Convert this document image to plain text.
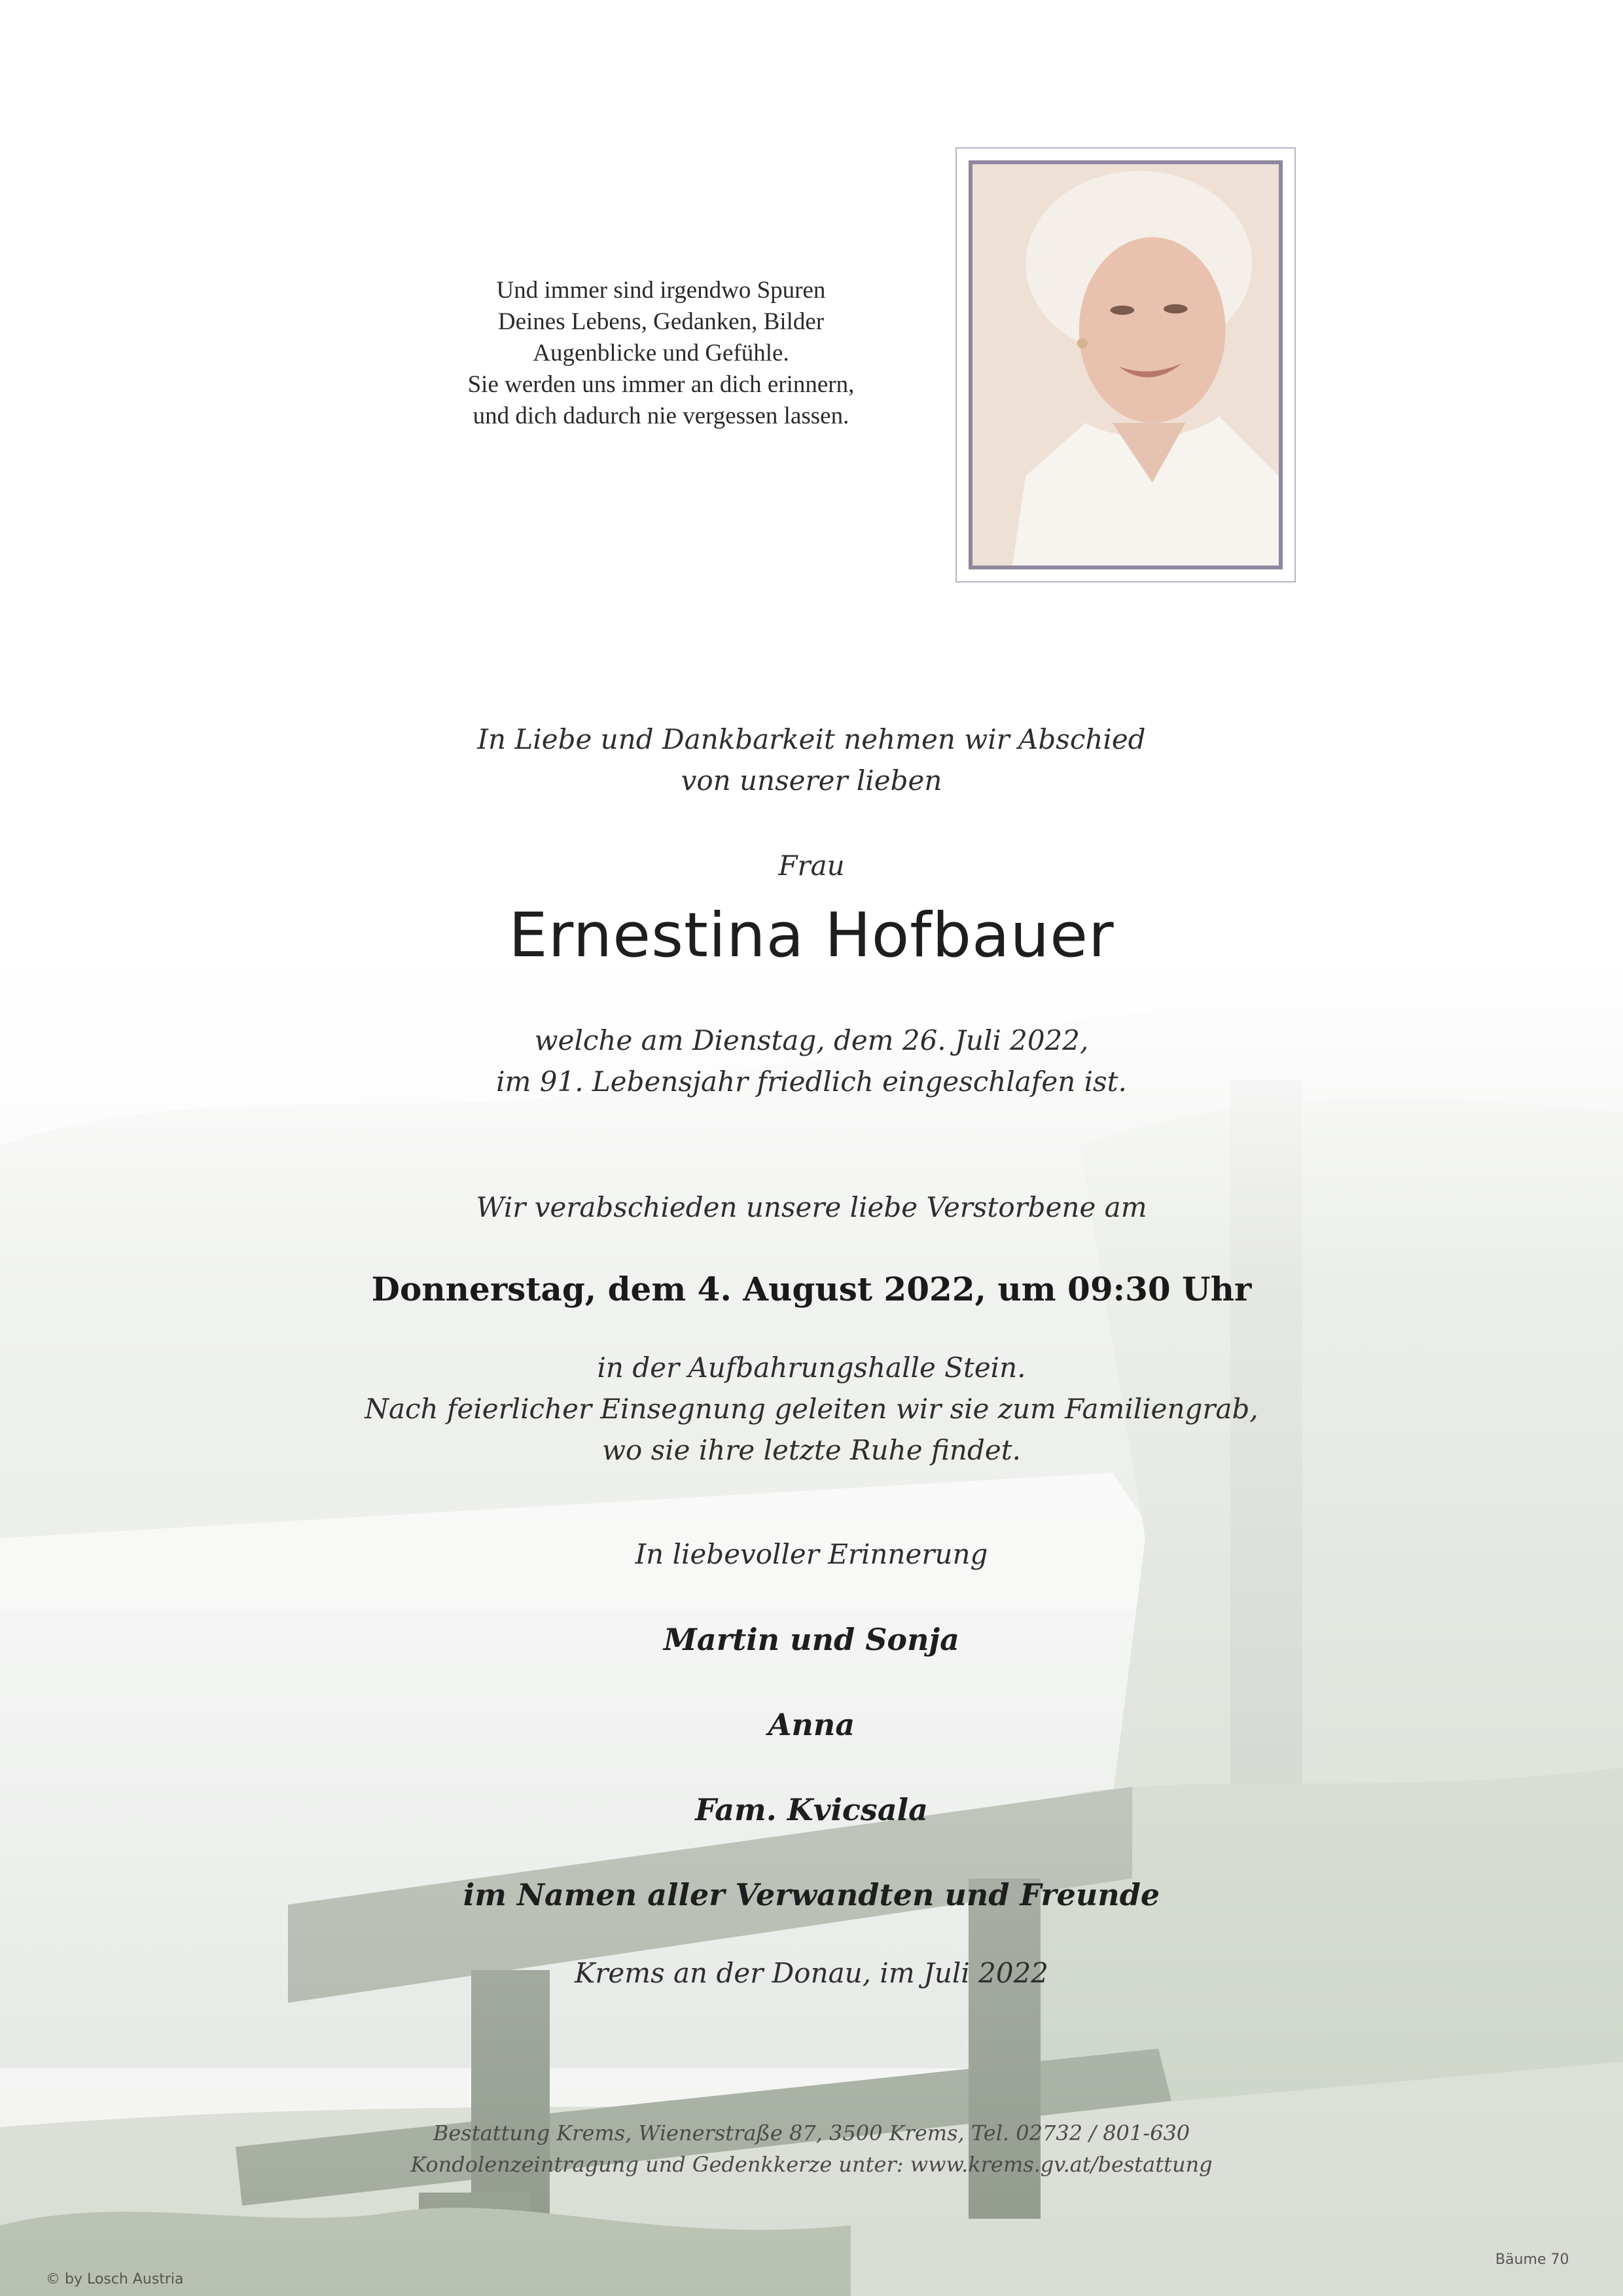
Und immer sind irgendwo Spuren
Deines Lebens, Gedanken, Bilder
Augenblicke und Gefühle.
Sie werden uns immer an dich erinnern,
und dich dadurch nie vergessen lassen.
In Liebe und Dankbarkeit nehmen wir Abschied
von unserer lieben
Frau
Ernestina Hofbauer
welche am Dienstag, dem 26. Juli 2022,
im 91. Lebensjahr friedlich eingeschlafen ist.
Wir verabschieden unsere liebe Verstorbene am
Donnerstag, dem 4. August 2022, um 09:30 Uhr
in der Aufbahrungshalle Stein.
Nach feierlicher Einsegnung geleiten wir sie zum Familiengrab,
wo sie ihre letzte Ruhe findet.
In liebevoller Erinnerung
Martin und Sonja
Anna
Fam. Kvicsala
im Namen aller Verwandten und Freunde
Krems an der Donau, im Juli 2022
Bestattung Krems, Wienerstraße 87, 3500 Krems, Tel. 02732 / 801-630
Kondolenzeintragung und Gedenkkerze unter: www.krems.gv.at/bestattung
© by Losch Austria
Bäume 70
